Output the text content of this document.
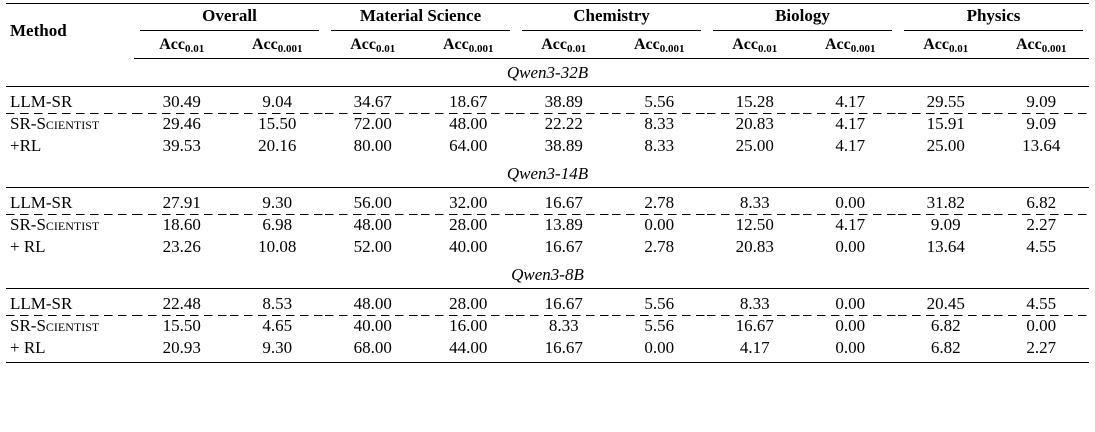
Method	Overall		Material Science		Chemistry		Biology		Physics	

	Acc$_{0.01}$	Acc$_{0.001}$	Acc$_{0.01}$	Acc$_{0.001}$	Acc$_{0.01}$	Acc$_{0.001}$	Acc$_{0.01}$	Acc$_{0.001}$	Acc$_{0.01}$	Acc$_{0.001}$
Qwen3-32B										
LLM-SR	30.49	9.04	34.67	18.67	38.89	5.56	15.28	4.17	29.55	9.09
SR-Scientist	29.46	15.50	72.00	48.00	22.22	8.33	20.83	4.17	15.91	9.09
+RL	39.53	20.16	80.00	64.00	38.89	8.33	25.00	4.17	25.00	13.64
Qwen3-14B										
LLM-SR	27.91	9.30	56.00	32.00	16.67	2.78	8.33	0.00	31.82	6.82
SR-Scientist	18.60	6.98	48.00	28.00	13.89	0.00	12.50	4.17	9.09	2.27
+ RL	23.26	10.08	52.00	40.00	16.67	2.78	20.83	0.00	13.64	4.55
Qwen3-8B										
LLM-SR	22.48	8.53	48.00	28.00	16.67	5.56	8.33	0.00	20.45	4.55
SR-Scientist	15.50	4.65	40.00	16.00	8.33	5.56	16.67	0.00	6.82	0.00
+ RL	20.93	9.30	68.00	44.00	16.67	0.00	4.17	0.00	6.82	2.27
